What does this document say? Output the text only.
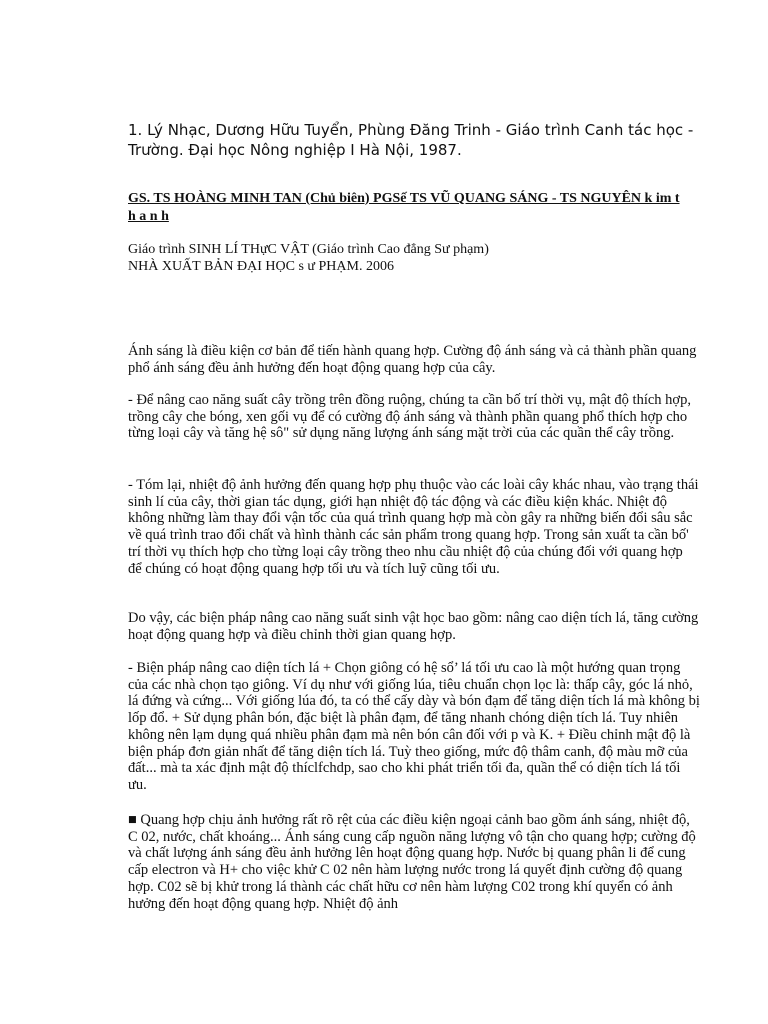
1. Lý Nhạc, Dương Hữu Tuyển, Phùng Đăng Trinh - Giáo trình Canh tác học - Trường. Đại học Nông nghiệp I Hà Nội, 1987.

GS. TS HOÀNG MINH TAN (Chủ biên) PGSế TS VŨ QUANG SÁNG - TS NGUYÊN k im t h a n h

Giáo trình SINH LÍ THựC VẬT (Giáo trình Cao đẳng Sư phạm)

NHÀ XUẤT BẢN ĐẠI HỌC s ư PHẠM. 2006

Ánh sáng là điều kiện cơ bản để tiến hành quang hợp. Cường độ ánh sáng và cả thành phần quang phổ ánh sáng đều ảnh hưởng đến hoạt động quang hợp của cây.

- Để nâng cao năng suất cây trồng trên đồng ruộng, chúng ta cần bố trí thời vụ, mật độ thích hợp, trồng cây che bóng, xen gối vụ để có cường độ ánh sáng và thành phần quang phổ thích hợp cho từng loại cây và tăng hệ sô" sử dụng năng lượng ánh sáng mặt trời của các quần thể cây trồng.

- Tóm lại, nhiệt độ ảnh hưởng đến quang hợp phụ thuộc vào các loài cây khác nhau, vào trạng thái sinh lí của cây, thời gian tác dụng, giới hạn nhiệt độ tác động và các điều kiện khác. Nhiệt độ không những làm thay đổi vận tốc của quá trình quang hợp mà còn gây ra những biến đổi sâu sắc về quá trình trao đổi chất và hình thành các sản phẩm trong quang hợp. Trong sản xuất ta cần bố' trí thời vụ thích hợp cho từng loại cây trồng theo nhu cầu nhiệt độ của chúng đối với quang hợp để chúng có hoạt động quang hợp tối ưu và tích luỹ cũng tối ưu.

Do vậy, các biện pháp nâng cao năng suất sinh vật học bao gồm: nâng cao diện tích lá, tăng cường hoạt động quang hợp và điều chỉnh thời gian quang hợp.

- Biện pháp nâng cao diện tích lá + Chọn giông có hệ sổ’ lá tối ưu cao là một hướng quan trọng của các nhà chọn tạo giông. Ví dụ như với giống lúa, tiêu chuẩn chọn lọc là: thấp cây, góc lá nhỏ, lá đứng và cứng... Với giống lúa đó, ta có thể cấy dày và bón đạm để tăng diện tích lá mà không bị lốp đổ. + Sử dụng phân bón, đặc biệt là phân đạm, để tăng nhanh chóng diện tích lá. Tuy nhiên không nên lạm dụng quá nhiều phân đạm mà nên bón cân đối với p và K. + Điều chỉnh mật độ là biện pháp đơn giản nhất để tăng diện tích lá. Tuỳ theo giống, mức độ thâm canh, độ màu mỡ của đất... mà ta xác định mật độ thíclfchdp, sao cho khi phát triển tối đa, quần thể có diện tích lá tối ưu.

■ Quang hợp chịu ảnh hưởng rất rõ rệt của các điều kiện ngoại cảnh bao gồm ánh sáng, nhiệt độ, C 02, nước, chất khoáng... Ánh sáng cung cấp nguồn năng lượng vô tận cho quang hợp; cường độ và chất lượng ánh sáng đều ảnh hưởng lên hoạt động quang hợp. Nước bị quang phân li để cung cấp electron và H+ cho việc khử C 02 nên hàm lượng nước trong lá quyết định cường độ quang hợp. C02 sẽ bị khử trong lá thành các chất hữu cơ nên hàm lượng C02 trong khí quyển có ảnh hưởng đến hoạt động quang hợp. Nhiệt độ ảnh
